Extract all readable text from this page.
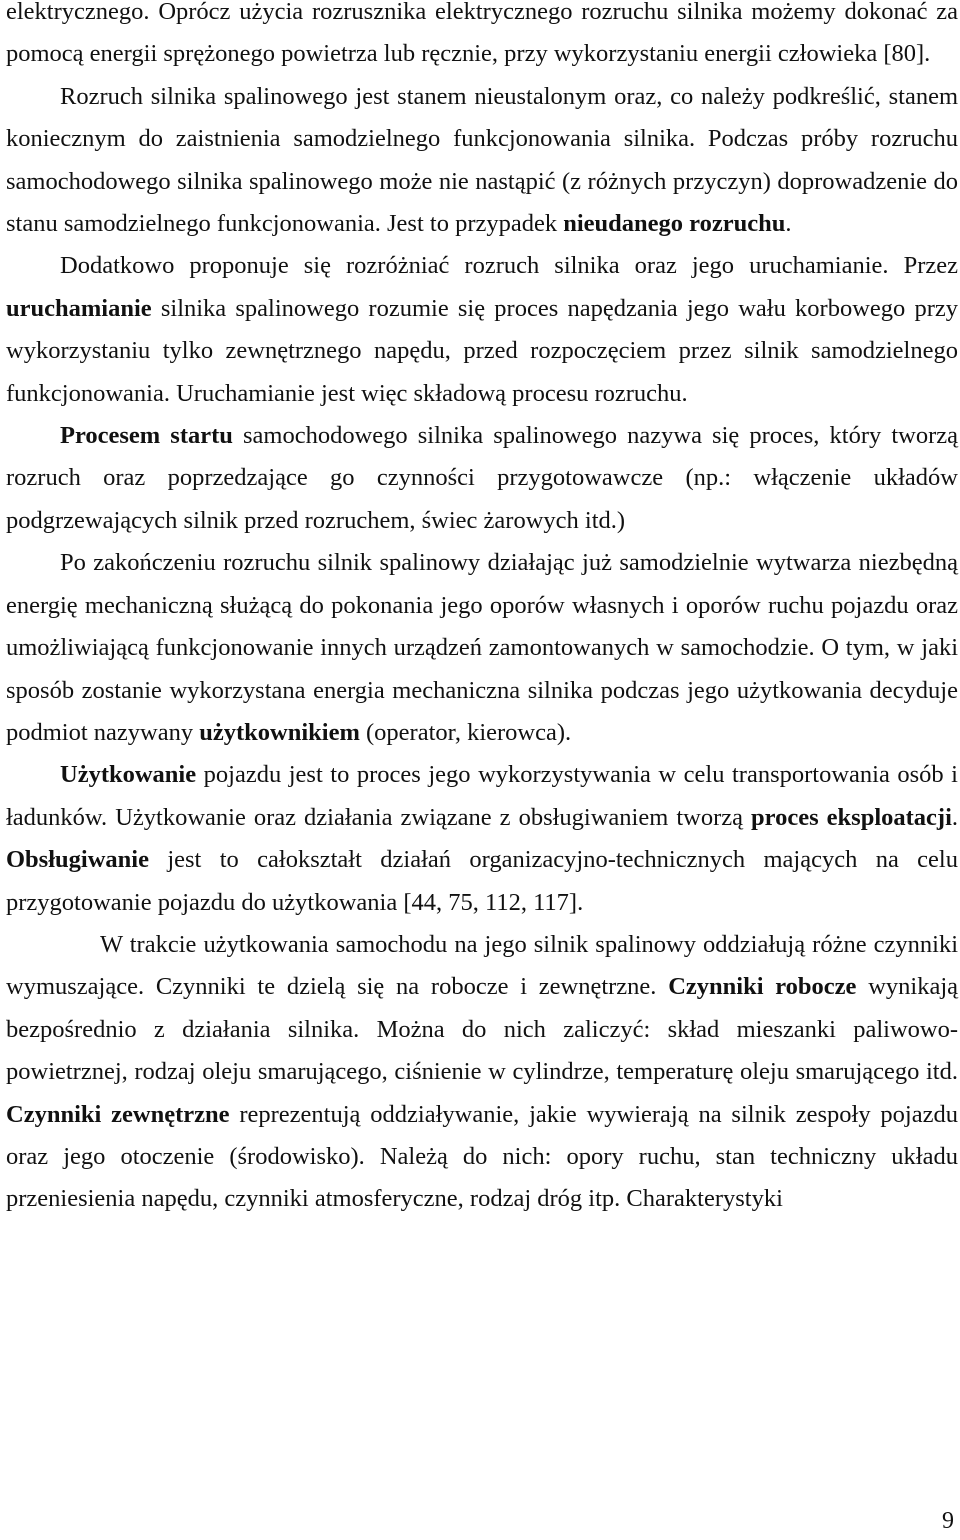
elektrycznego. Oprócz użycia rozrusznika elektrycznego rozruchu silnika możemy dokonać za pomocą energii sprężonego powietrza lub ręcznie, przy wykorzystaniu energii człowieka [80].

Rozruch silnika spalinowego jest stanem nieustalonym oraz, co należy podkreślić, stanem koniecznym do zaistnienia samodzielnego funkcjonowania silnika. Podczas próby rozruchu samochodowego silnika spalinowego może nie nastąpić (z różnych przyczyn) doprowadzenie do stanu samodzielnego funkcjonowania. Jest to przypadek nieudanego rozruchu.

Dodatkowo proponuje się rozróżniać rozruch silnika oraz jego uruchamianie. Przez uruchamianie silnika spalinowego rozumie się proces napędzania jego wału korbowego przy wykorzystaniu tylko zewnętrznego napędu, przed rozpoczęciem przez silnik samodzielnego funkcjonowania. Uruchamianie jest więc składową procesu rozruchu.

Procesem startu samochodowego silnika spalinowego nazywa się proces, który tworzą rozruch oraz poprzedzające go czynności przygotowawcze (np.: włączenie układów podgrzewających silnik przed rozruchem, świec żarowych itd.)

Po zakończeniu rozruchu silnik spalinowy działając już samodzielnie wytwarza niezbędną energię mechaniczną służącą do pokonania jego oporów własnych i oporów ruchu pojazdu oraz umożliwiającą funkcjonowanie innych urządzeń zamontowanych w samochodzie. O tym, w jaki sposób zostanie wykorzystana energia mechaniczna silnika podczas jego użytkowania decyduje podmiot nazywany użytkownikiem (operator, kierowca).

Użytkowanie pojazdu jest to proces jego wykorzystywania w celu transportowania osób i ładunków. Użytkowanie oraz działania związane z obsługiwaniem tworzą proces eksploatacji. Obsługiwanie jest to całokształt działań organizacyjno-technicznych mających na celu przygotowanie pojazdu do użytkowania [44, 75, 112, 117].

W trakcie użytkowania samochodu na jego silnik spalinowy oddziałują różne czynniki wymuszające. Czynniki te dzielą się na robocze i zewnętrzne. Czynniki robocze wynikają bezpośrednio z działania silnika. Można do nich zaliczyć: skład mieszanki paliwowo-powietrznej, rodzaj oleju smarującego, ciśnienie w cylindrze, temperaturę oleju smarującego itd. Czynniki zewnętrzne reprezentują oddziaływanie, jakie wywierają na silnik zespoły pojazdu oraz jego otoczenie (środowisko). Należą do nich: opory ruchu, stan techniczny układu przeniesienia napędu, czynniki atmosferyczne, rodzaj dróg itp. Charakterystyki

9
